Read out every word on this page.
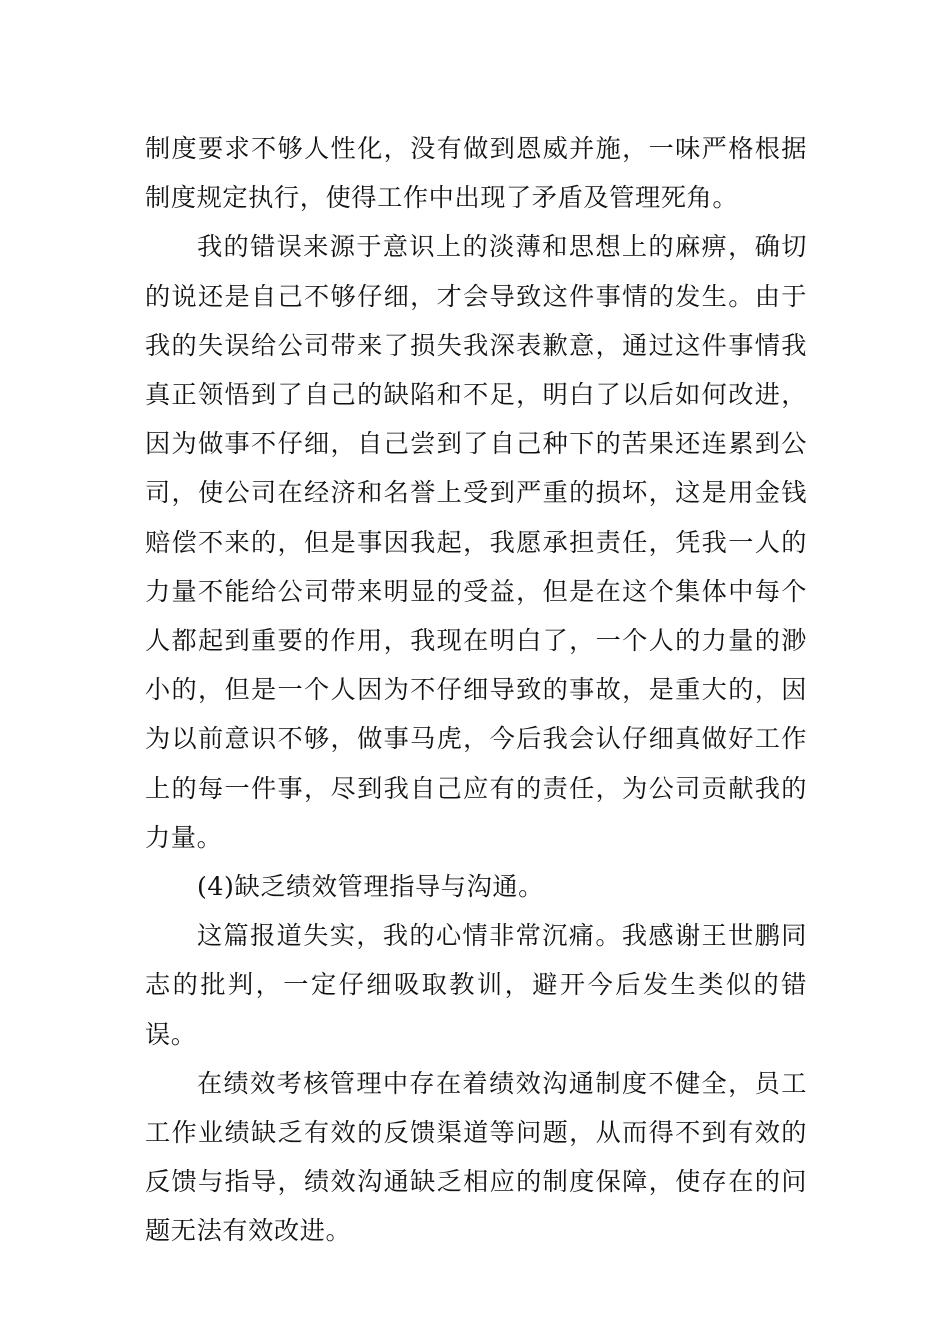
制度要求不够人性化，没有做到恩威并施，一味严格根据制度规定执行，使得工作中出现了矛盾及管理死角。

我的错误来源于意识上的淡薄和思想上的麻痹，确切的说还是自己不够仔细，才会导致这件事情的发生。由于我的失误给公司带来了损失我深表歉意，通过这件事情我真正领悟到了自己的缺陷和不足，明白了以后如何改进，因为做事不仔细，自己尝到了自己种下的苦果还连累到公司，使公司在经济和名誉上受到严重的损坏，这是用金钱赔偿不来的，但是事因我起，我愿承担责任，凭我一人的力量不能给公司带来明显的受益，但是在这个集体中每个人都起到重要的作用，我现在明白了，一个人的力量的渺小的，但是一个人因为不仔细导致的事故，是重大的，因为以前意识不够，做事马虎，今后我会认仔细真做好工作上的每一件事，尽到我自己应有的责任，为公司贡献我的力量。

(4)缺乏绩效管理指导与沟通。

这篇报道失实，我的心情非常沉痛。我感谢王世鹏同志的批判，一定仔细吸取教训，避开今后发生类似的错误。

在绩效考核管理中存在着绩效沟通制度不健全，员工工作业绩缺乏有效的反馈渠道等问题，从而得不到有效的反馈与指导，绩效沟通缺乏相应的制度保障，使存在的问题无法有效改进。
